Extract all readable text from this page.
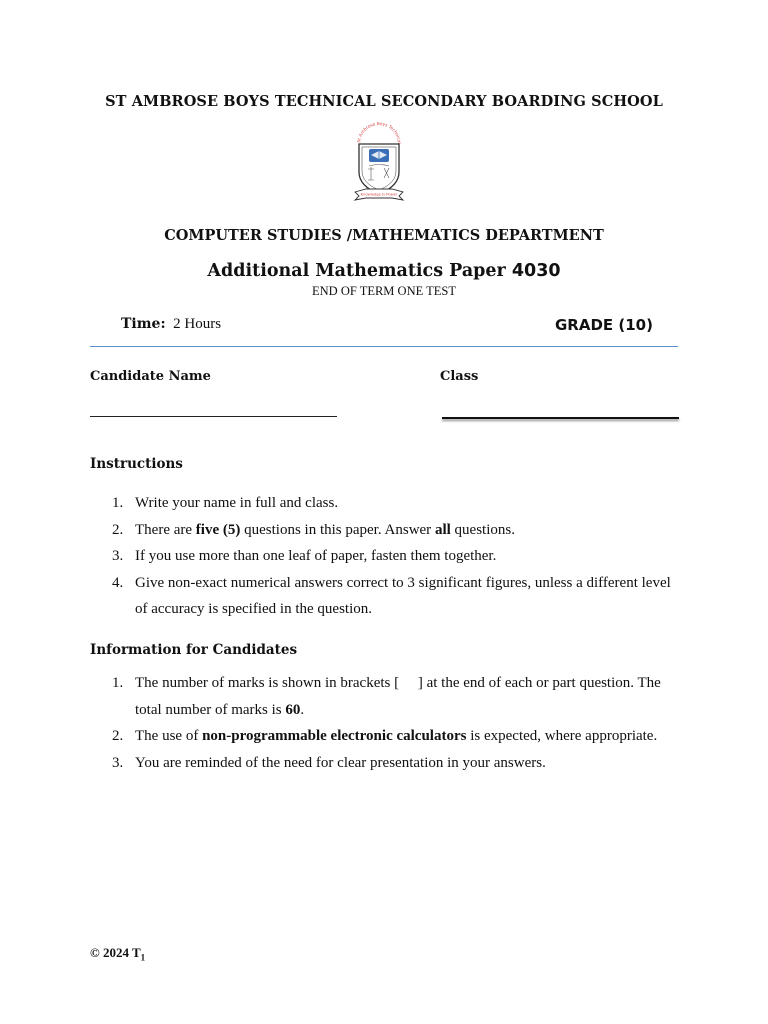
ST AMBROSE BOYS TECHNICAL SECONDARY BOARDING SCHOOL
St Ambrose Boys Technical
Knowledge Is Power
COMPUTER STUDIES /MATHEMATICS DEPARTMENT
Additional Mathematics Paper 4030
END OF TERM ONE TEST
Time: 2 Hours	GRADE (10)
Candidate Name	Class
Instructions
1. Write your name in full and class.
2. There are five (5) questions in this paper. Answer all questions.
3. If you use more than one leaf of paper, fasten them together.
4. Give non-exact numerical answers correct to 3 significant figures, unless a different level of accuracy is specified in the question.
Information for Candidates
1. The number of marks is shown in brackets [     ] at the end of each or part question. The total number of marks is 60.
2. The use of non-programmable electronic calculators is expected, where appropriate.
3. You are reminded of the need for clear presentation in your answers.
© 2024 $T_1$
